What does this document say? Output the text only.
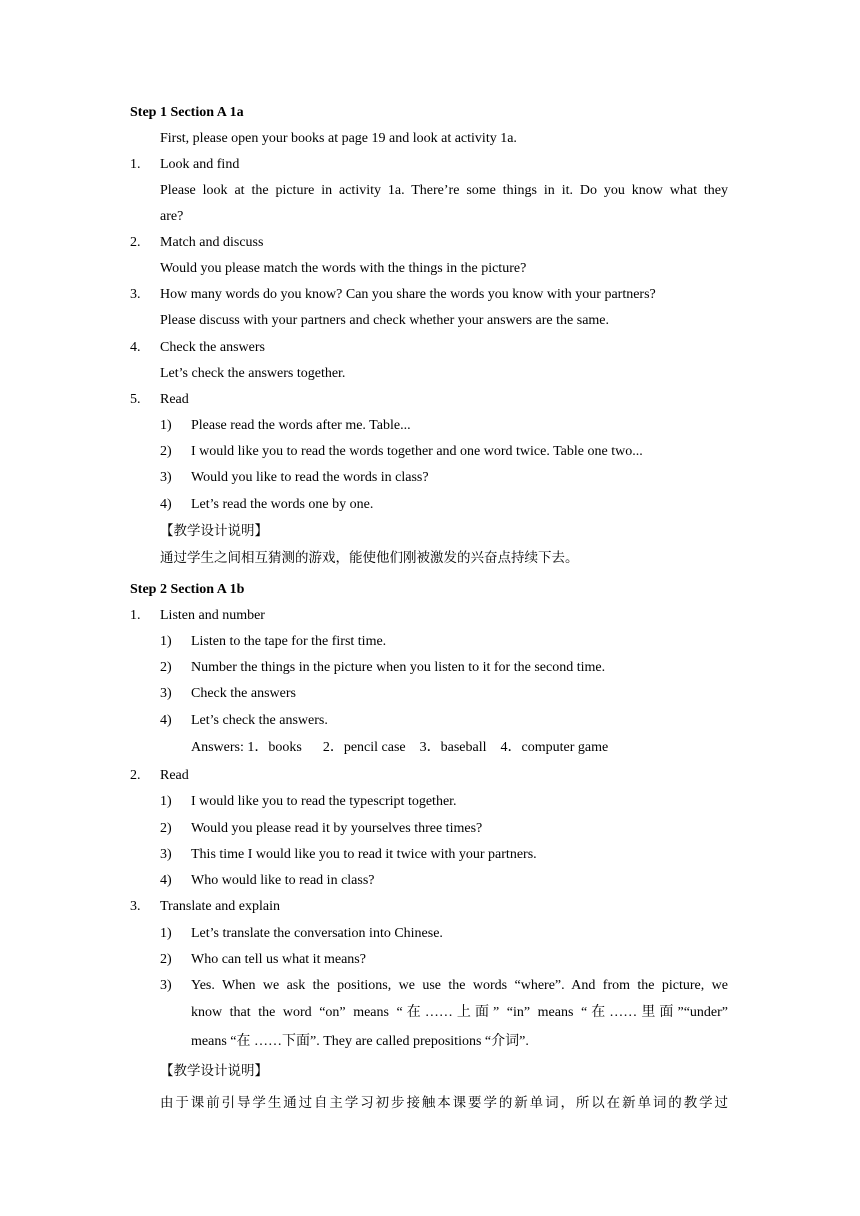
Step 1 Section A 1a
First, please open your books at page 19 and look at activity 1a.
1. Look and find
Please look at the picture in activity 1a. There’re some things in it. Do you know what they
are?
2. Match and discuss
Would you please match the words with the things in the picture?
3. How many words do you know? Can you share the words you know with your partners?
Please discuss with your partners and check whether your answers are the same.
4. Check the answers
Let’s check the answers together.
5. Read
1) Please read the words after me. Table...
2) I would like you to read the words together and one word twice. Table one two...
3) Would you like to read the words in class?
4) Let’s read the words one by one.
【教学设计说明】
通过学生之间相互猜测的游戏，能使他们刚被激发的兴奋点持续下去。
Step 2 Section A 1b
1. Listen and number
1) Listen to the tape for the first time.
2) Number the things in the picture when you listen to it for the second time.
3) Check the answers
4) Let’s check the answers.
Answers: 1．books 　 2．pencil case　3．baseball　4．computer game
2. Read
1) I would like you to read the typescript together.
2) Would you please read it by yourselves three times?
3) This time I would like you to read it twice with your partners.
4) Who would like to read in class?
3. Translate and explain
1) Let’s translate the conversation into Chinese.
2) Who can tell us what it means?
3) Yes. When we ask the positions, we use the words “where”. And from the picture, we
know that the word “on” means “在……上面” “in” means “在……里面”“under”
means “在 ……下面”. They are called prepositions “介词”.
【教学设计说明】
由于课前引导学生通过自主学习初步接触本课要学的新单词，所以在新单词的教学过
